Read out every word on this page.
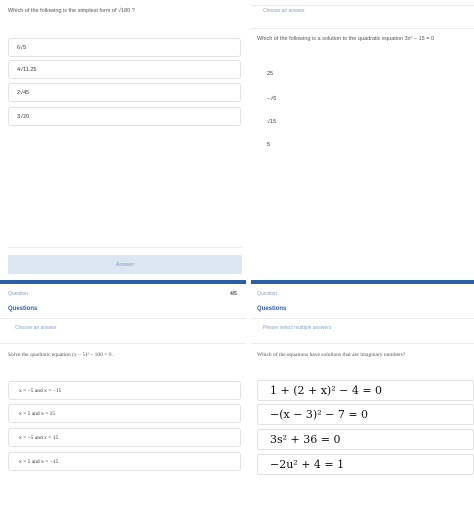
Which of the following is the simplest form of √180 ?
6√5
4√11.25
2√45
3√20
Answer
Choose an answer
Which of the following is a solution to the quadratic equation 3x² − 15 = 0
25
−√5
√15
5
Question	4/5
Questions
Choose an answer
Solve the quadratic equation (x − 5)² − 100 = 0 .
x = −5
and
x = −15
x = 5
and
x = 15
x = −5
and
x = 15
x = 5
and
x = −15
Question
Questions
Please select multiple answers
Which of the equations have solutions that are imaginary numbers?
1 + (2 + x)² − 4 = 0
−(x − 3)² − 7 = 0
3s² + 36 = 0
−2u² + 4 = 1
